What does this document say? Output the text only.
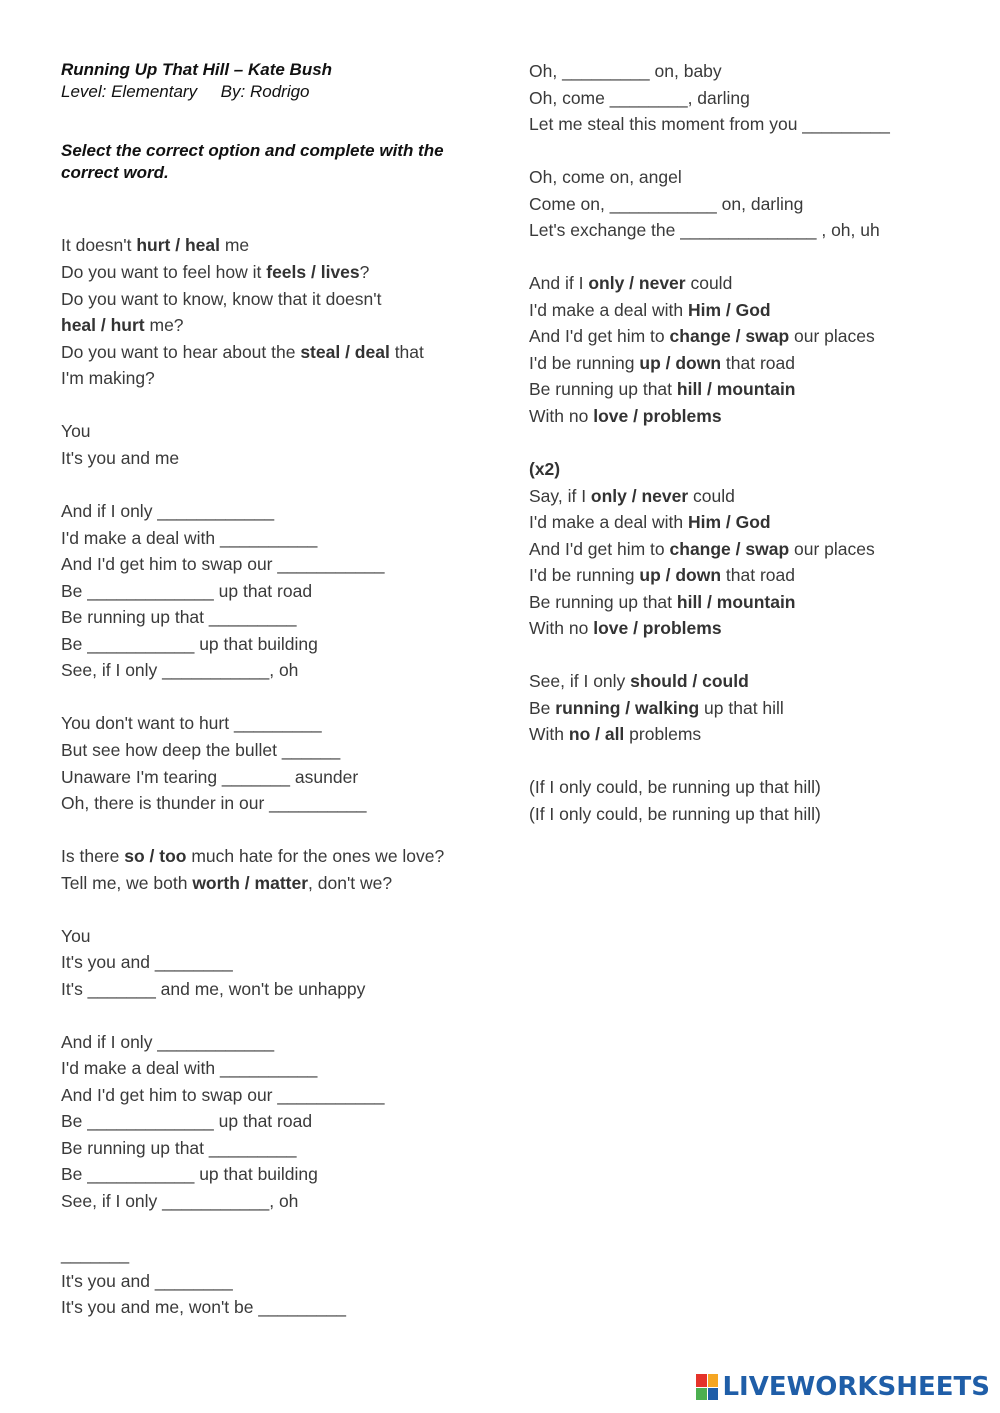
Running Up That Hill – Kate Bush
Level: Elementary     By: Rodrigo
Select the correct option and complete with the correct word.
It doesn't hurt / heal me
Do you want to feel how it feels / lives?
Do you want to know, know that it doesn't
heal / hurt me?
Do you want to hear about the steal / deal that
I'm making?
You
It's you and me
And if I only ____________
I'd make a deal with __________
And I'd get him to swap our ___________
Be _____________ up that road
Be running up that _________
Be ___________ up that building
See, if I only ___________, oh
You don't want to hurt _________
But see how deep the bullet ______
Unaware I'm tearing _______ asunder
Oh, there is thunder in our __________
Is there so / too much hate for the ones we love?
Tell me, we both worth / matter, don't we?
You
It's you and ________
It's _______ and me, won't be unhappy
And if I only ____________
I'd make a deal with __________
And I'd get him to swap our ___________
Be _____________ up that road
Be running up that _________
Be ___________ up that building
See, if I only ___________, oh
_______
It's you and ________
It's you and me, won't be _________
Oh, _________ on, baby
Oh, come ________, darling
Let me steal this moment from you _________
Oh, come on, angel
Come on, ___________ on, darling
Let's exchange the ______________ , oh, uh
And if I only / never could
I'd make a deal with Him / God
And I'd get him to change / swap our places
I'd be running up / down that road
Be running up that hill / mountain
With no love / problems
(x2)
Say, if I only / never could
I'd make a deal with Him / God
And I'd get him to change / swap our places
I'd be running up / down that road
Be running up that hill / mountain
With no love / problems
See, if I only should / could
Be running / walking up that hill
With no / all problems
(If I only could, be running up that hill)
(If I only could, be running up that hill)
LIVEWORKSHEETS
